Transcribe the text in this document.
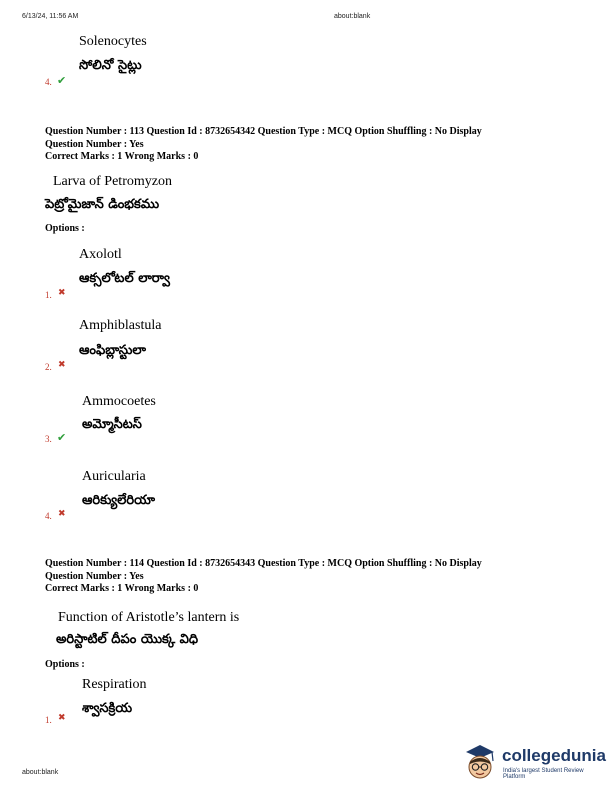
6/13/24, 11:56 AM	about:blank
Solenocytes
సోలినో సైట్లు
4. ✔
Question Number : 113 Question Id : 8732654342 Question Type : MCQ Option Shuffling : No Display
Question Number : Yes
Correct Marks : 1 Wrong Marks : 0
Larva of Petromyzon
పెట్రోమైజాన్ డింభకము
Options :
Axolotl
ఆక్సలోటల్ లార్వా
1. ✖
Amphiblastula
ఆంఫిబ్లాస్టులా
2. ✖
Ammocoetes
అమ్మోసీటస్
3. ✔
Auricularia
ఆరిక్యులేరియా
4. ✖
Question Number : 114 Question Id : 8732654343 Question Type : MCQ Option Shuffling : No Display
Question Number : Yes
Correct Marks : 1 Wrong Marks : 0
Function of Aristotle’s lantern is
అరిస్టాటిల్ దీపం యొక్క విధి
Options :
Respiration
శ్వాసక్రియ
1. ✖
about:blank
collegedunia
India's largest Student Review Platform
